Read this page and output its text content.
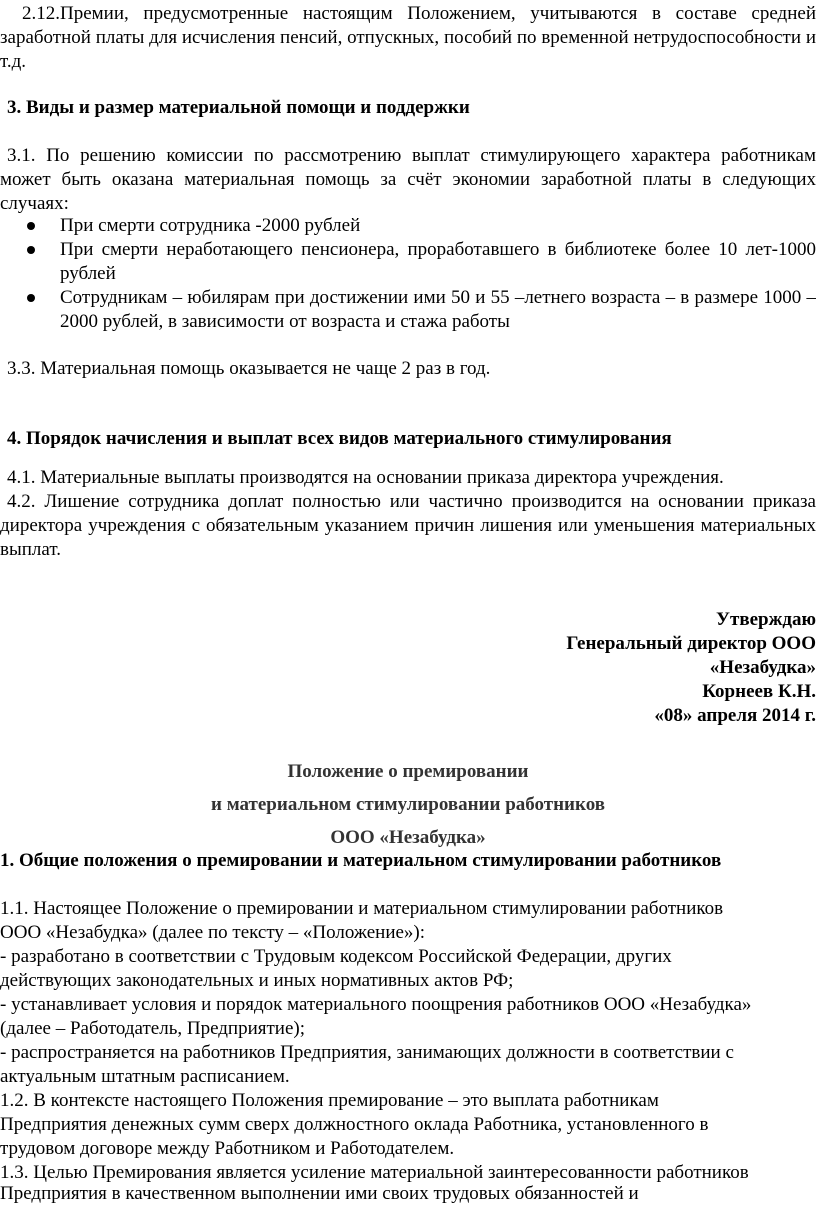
2.12.Премии, предусмотренные настоящим Положением, учитываются в составе средней заработной платы для исчисления пенсий, отпускных, пособий по временной нетрудоспособности и т.д.

3. Виды и размер материальной помощи и поддержки

3.1. По решению комиссии по рассмотрению выплат стимулирующего характера работникам может быть оказана материальная помощь за счёт экономии заработной платы в следующих случаях:

При смерти сотрудника -2000 рублей
При смерти неработающего пенсионера, проработавшего в библиотеке более 10 лет-1000 рублей
Сотрудникам – юбилярам при достижении ими 50 и 55 –летнего возраста – в размере 1000 – 2000 рублей, в зависимости от возраста и стажа работы

3.3. Материальная помощь оказывается не чаще 2 раз в год.

4. Порядок начисления и выплат всех видов материального стимулирования

4.1. Материальные выплаты производятся на основании приказа директора учреждения.

4.2. Лишение сотрудника доплат полностью или частично производится на основании приказа директора учреждения с обязательным указанием причин лишения или уменьшения материальных выплат.

Утверждаю
Генеральный директор ООО
«Незабудка»
Корнеев К.Н.
«08» апреля 2014 г.
Положение о премировании
и материальном стимулировании работников
ООО «Незабудка»
1. Общие положения о премировании и материальном стимулировании работников
1.1. Настоящее Положение о премировании и материальном стимулировании работников
ООО «Незабудка» (далее по тексту – «Положение»):
- разработано в соответствии с Трудовым кодексом Российской Федерации, других
действующих законодательных и иных нормативных актов РФ;
- устанавливает условия и порядок материального поощрения работников ООО «Незабудка»
(далее – Работодатель, Предприятие);
- распространяется на работников Предприятия, занимающих должности в соответствии с
актуальным штатным расписанием.
1.2. В контексте настоящего Положения премирование – это выплата работникам
Предприятия денежных сумм сверх должностного оклада Работника, установленного в
трудовом договоре между Работником и Работодателем.
1.3. Целью Премирования является усиление материальной заинтересованности работников
Предприятия в качественном выполнении ими своих трудовых обязанностей и
